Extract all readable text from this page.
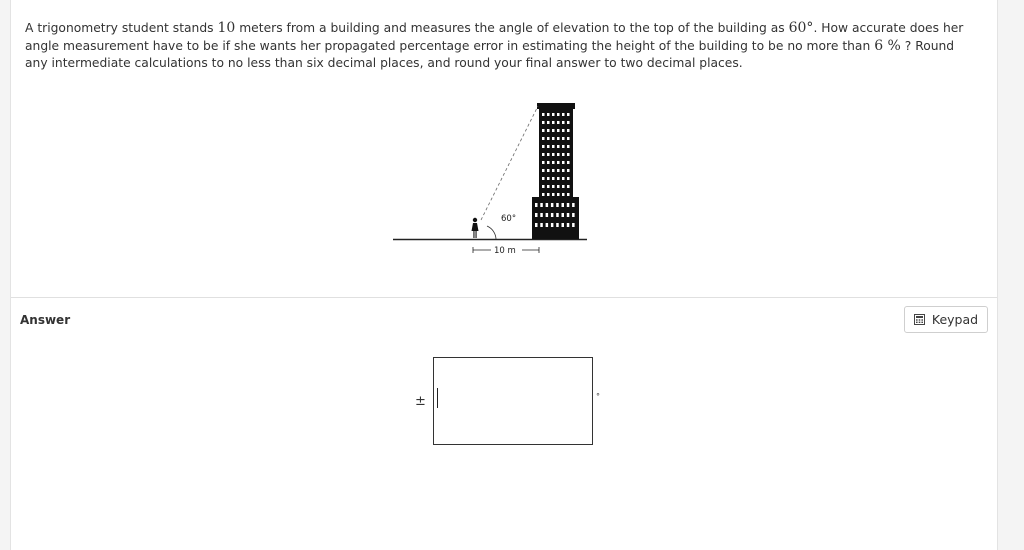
A trigonometry student stands 10 meters from a building and measures the angle of elevation to the top of the building as 60°. How accurate does her angle measurement have to be if she wants her propagated percentage error in estimating the height of the building to be no more than 6 % ? Round any intermediate calculations to no less than six decimal places, and round your final answer to two decimal places.
60°
10 m
Answer	Keypad
±	°
